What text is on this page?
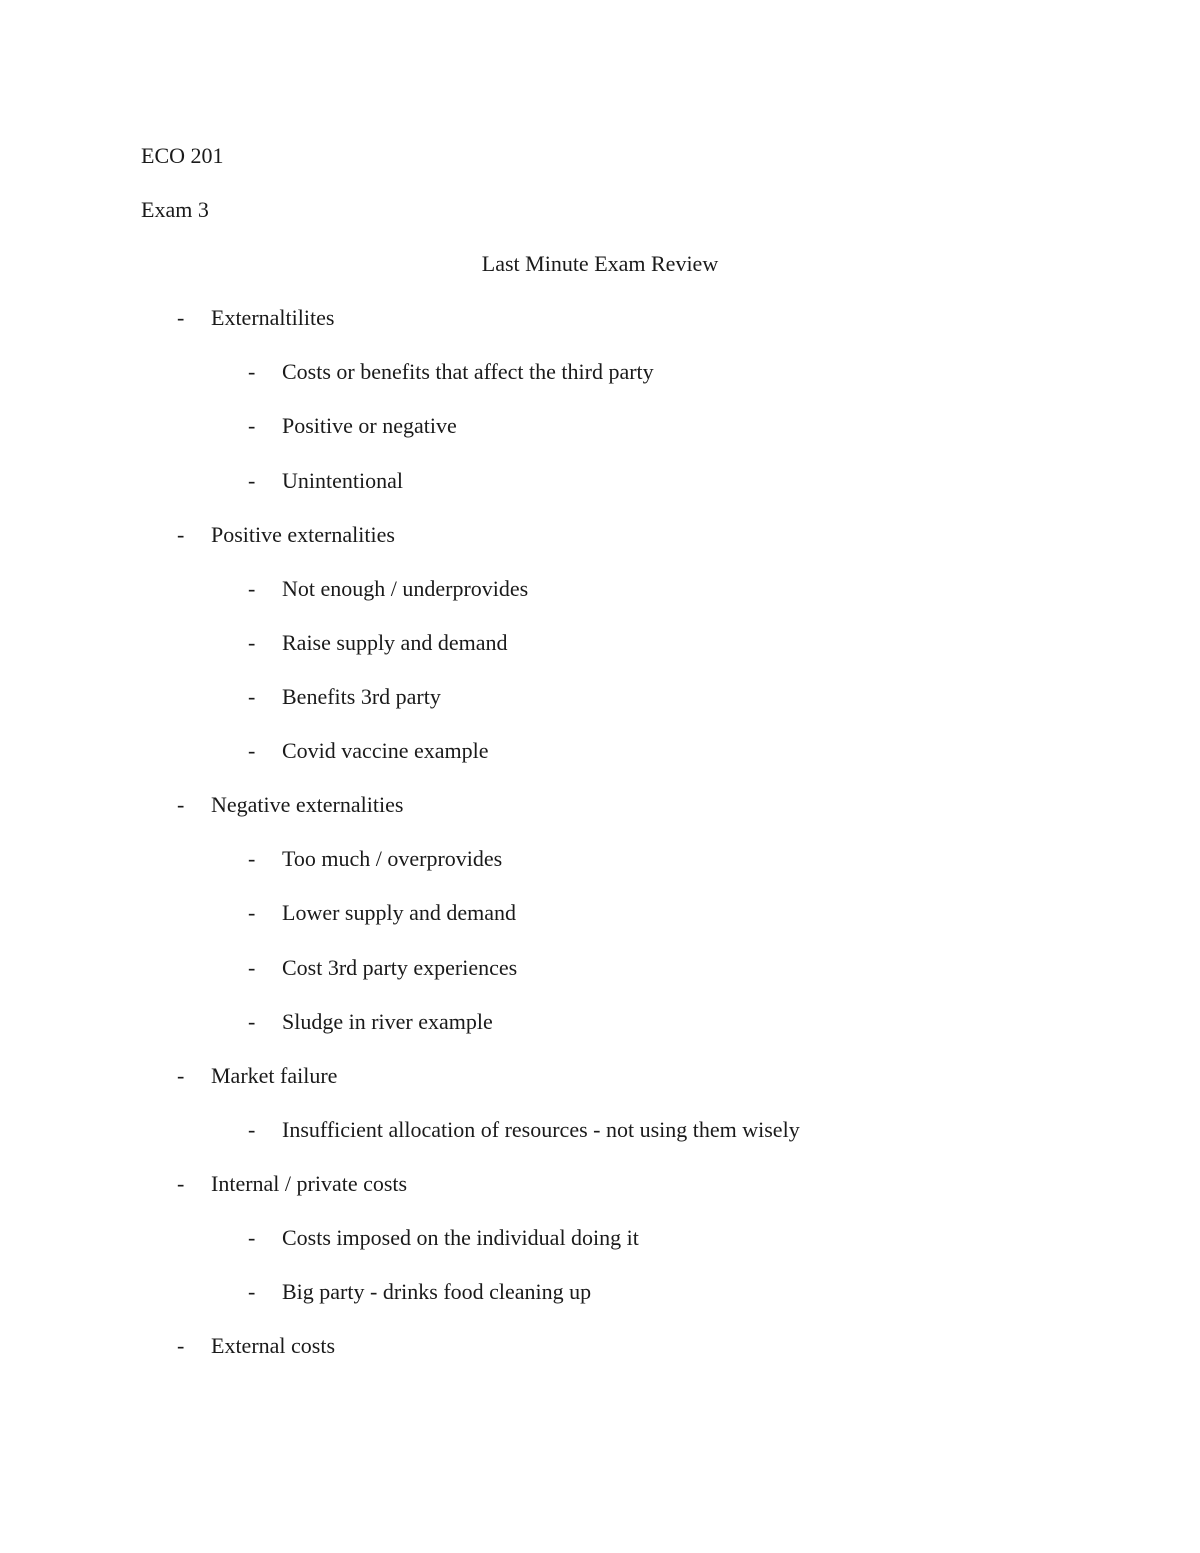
ECO 201
Exam 3
Last Minute Exam Review
- Externaltilites
- Costs or benefits that affect the third party
- Positive or negative
- Unintentional
- Positive externalities
- Not enough / underprovides
- Raise supply and demand
- Benefits 3rd party
- Covid vaccine example
- Negative externalities
- Too much / overprovides
- Lower supply and demand
- Cost 3rd party experiences
- Sludge in river example
- Market failure
- Insufficient allocation of resources - not using them wisely
- Internal / private costs
- Costs imposed on the individual doing it
- Big party - drinks food cleaning up
- External costs
